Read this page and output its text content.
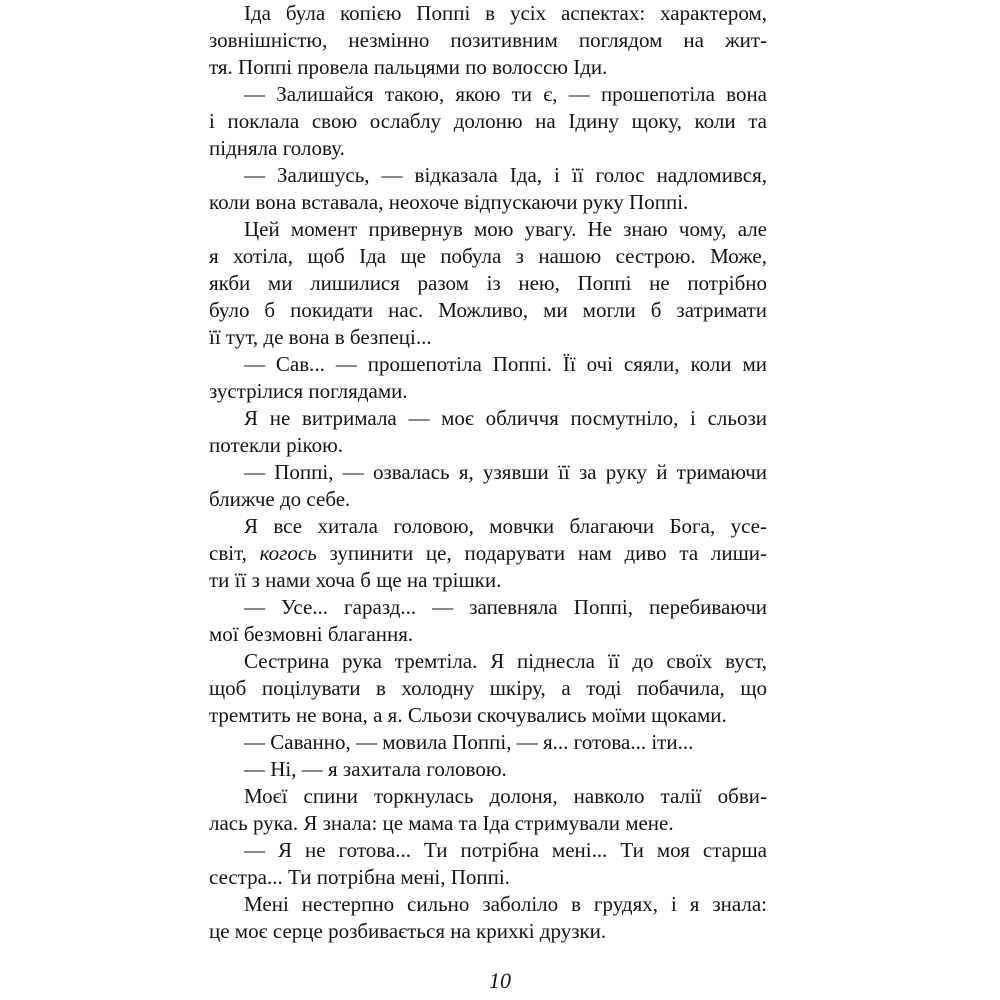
Іда була копією Поппі в усіх аспектах: характером,
зовнішністю, незмінно позитивним поглядом на жит-
тя. Поппі провела пальцями по волоссю Іди.
— Залишайся такою, якою ти є, — прошепотіла вона
і поклала свою ослаблу долоню на Ідину щоку, коли та
підняла голову.
— Залишусь, — відказала Іда, і її голос надломився,
коли вона вставала, неохоче відпускаючи руку Поппі.
Цей момент привернув мою увагу. Не знаю чому, але
я хотіла, щоб Іда ще побула з нашою сестрою. Може,
якби ми лишилися разом із нею, Поппі не потрібно
було б покидати нас. Можливо, ми могли б затримати
її тут, де вона в безпеці...
— Сав... — прошепотіла Поппі. Її очі сяяли, коли ми
зустрілися поглядами.
Я не витримала — моє обличчя посмутніло, і сльози
потекли рікою.
— Поппі, — озвалась я, узявши її за руку й тримаючи
ближче до себе.
Я все хитала головою, мовчки благаючи Бога, усе-
світ, когось зупинити це, подарувати нам диво та лиши-
ти її з нами хоча б ще на трішки.
— Усе... гаразд... — запевняла Поппі, перебиваючи
мої безмовні благання.
Сестрина рука тремтіла. Я піднесла її до своїх вуст,
щоб поцілувати в холодну шкіру, а тоді побачила, що
тремтить не вона, а я. Сльози скочувались моїми щоками.
— Саванно, — мовила Поппі, — я... готова... іти...
— Ні, — я захитала головою.
Моєї спини торкнулась долоня, навколо талії обви-
лась рука. Я знала: це мама та Іда стримували мене.
— Я не готова... Ти потрібна мені... Ти моя старша
сестра... Ти потрібна мені, Поппі.
Мені нестерпно сильно заболіло в грудях, і я знала:
це моє серце розбивається на крихкі друзки.
10
